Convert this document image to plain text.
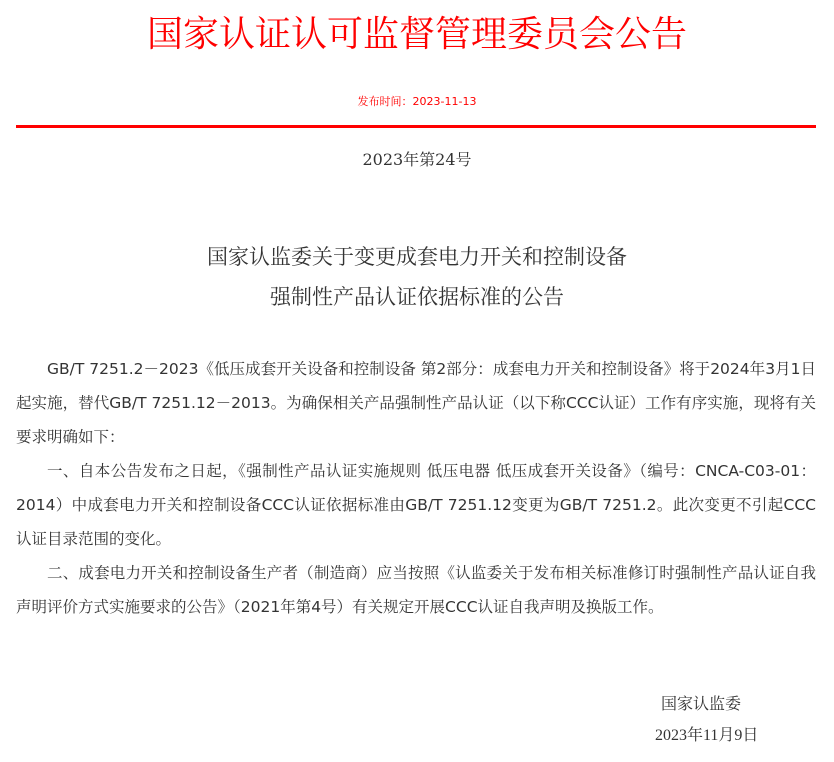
国家认证认可监督管理委员会公告
发布时间：2023-11-13
2023年第24号
国家认监委关于变更成套电力开关和控制设备
强制性产品认证依据标准的公告

GB/T 7251.2－2023《低压成套开关设备和控制设备 第2部分：成套电力开关和控制设备》将于2024年3月1日起实施，替代GB/T 7251.12－2013。为确保相关产品强制性产品认证（以下称CCC认证）工作有序实施，现将有关要求明确如下：

一、自本公告发布之日起，《强制性产品认证实施规则 低压电器 低压成套开关设备》（编号：CNCA-C03-01：2014）中成套电力开关和控制设备CCC认证依据标准由GB/T 7251.12变更为GB/T 7251.2。此次变更不引起CCC认证目录范围的变化。

二、成套电力开关和控制设备生产者（制造商）应当按照《认监委关于发布相关标准修订时强制性产品认证自我声明评价方式实施要求的公告》（2021年第4号）有关规定开展CCC认证自我声明及换版工作。

国家认监委
2023年11月9日
